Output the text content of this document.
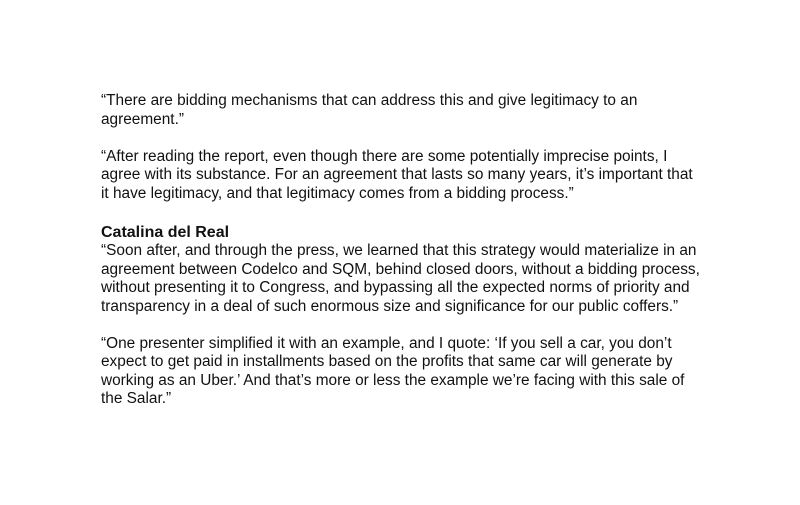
“There are bidding mechanisms that can address this and give legitimacy to an agreement.”

“After reading the report, even though there are some potentially imprecise points, I agree with its substance. For an agreement that lasts so many years, it’s important that it have legitimacy, and that legitimacy comes from a bidding process.”

Catalina del Real

“Soon after, and through the press, we learned that this strategy would materialize in an agreement between Codelco and SQM, behind closed doors, without a bidding process, without presenting it to Congress, and bypassing all the expected norms of priority and transparency in a deal of such enormous size and significance for our public coffers.”

“One presenter simplified it with an example, and I quote: ‘If you sell a car, you don’t expect to get paid in installments based on the profits that same car will generate by working as an Uber.’ And that’s more or less the example we’re facing with this sale of the Salar.”
